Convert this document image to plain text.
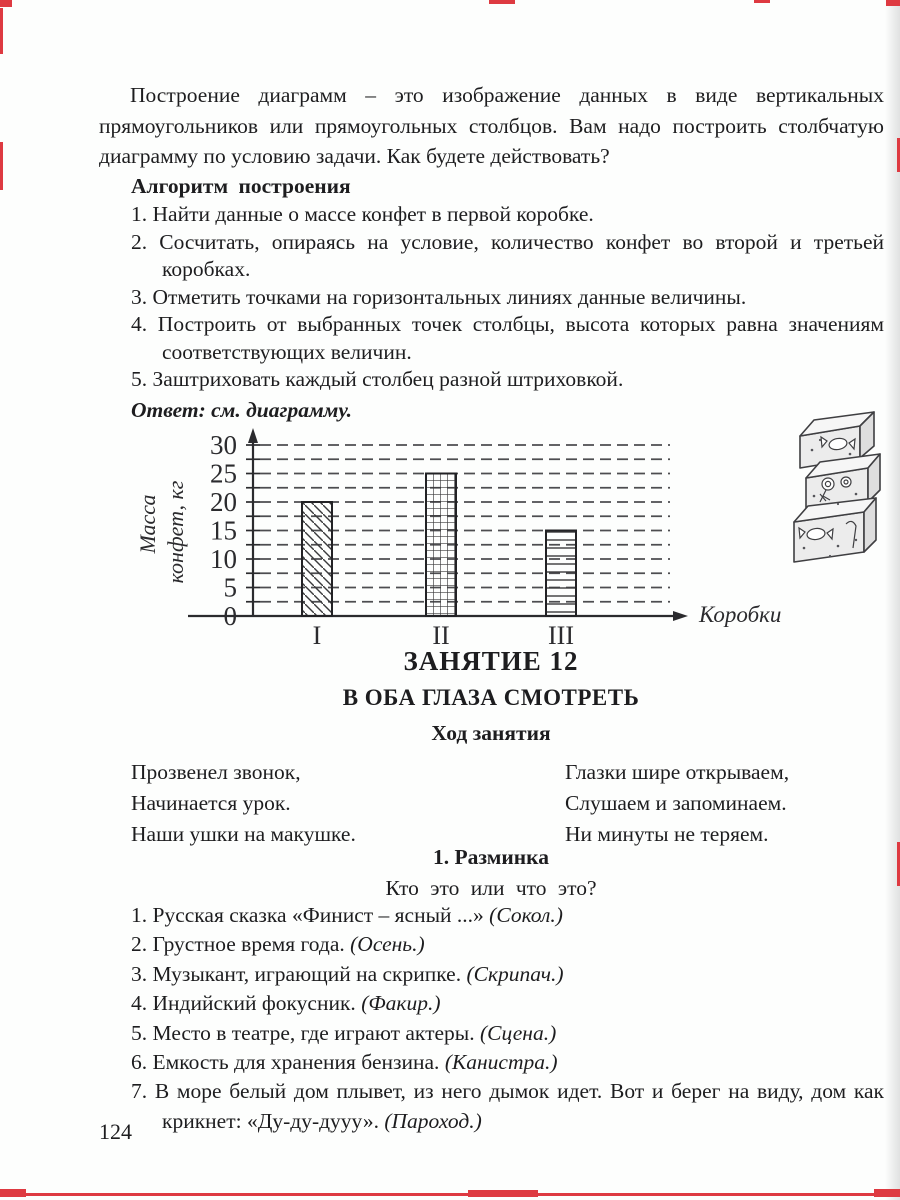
Построение диаграмм – это изображение данных в виде вертикальных прямоугольников или прямоугольных столбцов. Вам надо построить столбчатую диаграмму по условию задачи. Как будете действовать?

Алгоритм построения
1. Найти данные о массе конфет в первой коробке.
2. Сосчитать, опираясь на условие, количество конфет во второй и третьей коробках.
3. Отметить точками на горизонтальных линиях данные величины.
4. Построить от выбранных точек столбцы, высота которых равна значениям соответствующих величин.
5. Заштриховать каждый столбец разной штриховкой.

Ответ: см. диаграмму.

0
5
10
15
20
25
30
I	II	III
Коробки
Масса конфет, кг
ЗАНЯТИЕ 12
В ОБА ГЛАЗА СМОТРЕТЬ
Ход занятия
Прозвенел звонок,
Начинается урок.
Наши ушки на макушке.
Глазки шире открываем,
Слушаем и запоминаем.
Ни минуты не теряем.
1. Разминка
Кто это или что это?
1. Русская сказка «Финист – ясный ...» (Сокол.)
2. Грустное время года. (Осень.)
3. Музыкант, играющий на скрипке. (Скрипач.)
4. Индийский фокусник. (Факир.)
5. Место в театре, где играют актеры. (Сцена.)
6. Емкость для хранения бензина. (Канистра.)
7. В море белый дом плывет, из него дымок идет. Вот и берег на виду, дом как крикнет: «Ду-ду-дууу». (Пароход.)
124
